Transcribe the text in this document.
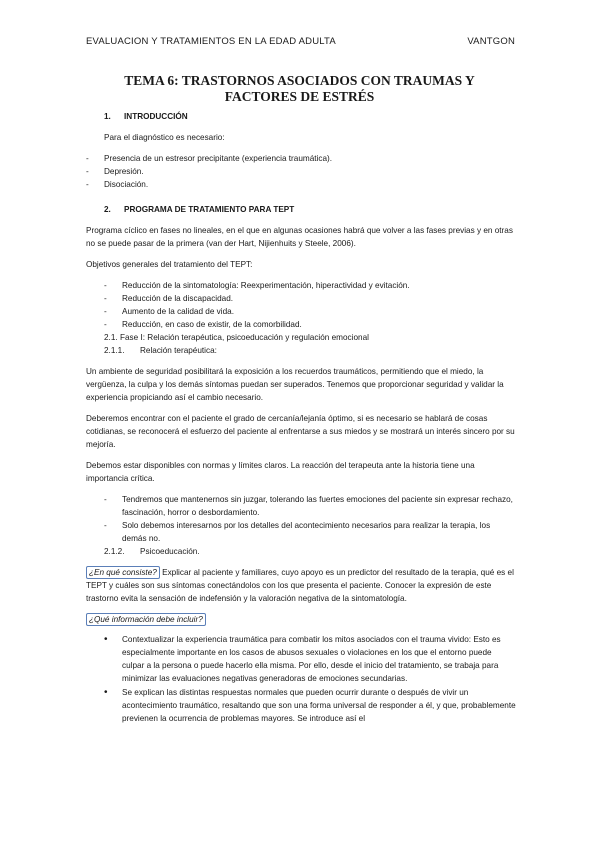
EVALUACION Y TRATAMIENTOS EN LA EDAD ADULTA	VANTGON
TEMA 6: TRASTORNOS ASOCIADOS CON TRAUMAS Y FACTORES DE ESTRÉS
1.	INTRODUCCIÓN

Para el diagnóstico es necesario:

-	Presencia de un estresor precipitante (experiencia traumática).
-	Depresión.
-	Disociación.
2.	PROGRAMA DE TRATAMIENTO PARA TEPT

Programa cíclico en fases no lineales, en el que en algunas ocasiones habrá que volver a las fases previas y en otras no se puede pasar de la primera (van der Hart, Nijienhuits y Steele, 2006).

Objetivos generales del tratamiento del TEPT:

-	Reducción de la sintomatología: Reexperimentación, hiperactividad y evitación.
-	Reducción de la discapacidad.
-	Aumento de la calidad de vida.
-	Reducción, en caso de existir, de la comorbilidad.
2.1. Fase I: Relación terapéutica, psicoeducación y regulación emocional
2.1.1.	Relación terapéutica:

Un ambiente de seguridad posibilitará la exposición a los recuerdos traumáticos, permitiendo que el miedo, la vergüenza, la culpa y los demás síntomas puedan ser superados. Tenemos que proporcionar seguridad y validar la experiencia propiciando así el cambio necesario.

Deberemos encontrar con el paciente el grado de cercanía/lejanía óptimo, si es necesario se hablará de cosas cotidianas, se reconocerá el esfuerzo del paciente al enfrentarse a sus miedos y se mostrará un interés sincero por su mejoría.

Debemos estar disponibles con normas y límites claros. La reacción del terapeuta ante la historia tiene una importancia crítica.

-	Tendremos que mantenernos sin juzgar, tolerando las fuertes emociones del paciente sin expresar rechazo, fascinación, horror o desbordamiento.
-	Solo debemos interesarnos por los detalles del acontecimiento necesarios para realizar la terapia, los demás no.
2.1.2.	Psicoeducación.

¿En qué consiste? Explicar al paciente y familiares, cuyo apoyo es un predictor del resultado de la terapia, qué es el TEPT y cuáles son sus síntomas conectándolos con los que presenta el paciente. Conocer la expresión de este trastorno evita la sensación de indefensión y la valoración negativa de la sintomatología.

¿Qué información debe incluir?

•	Contextualizar la experiencia traumática para combatir los mitos asociados con el trauma vivido: Esto es especialmente importante en los casos de abusos sexuales o violaciones en los que el entorno puede culpar a la persona o puede hacerlo ella misma. Por ello, desde el inicio del tratamiento, se trabaja para minimizar las evaluaciones negativas generadoras de emociones secundarias.
•	Se explican las distintas respuestas normales que pueden ocurrir durante o después de vivir un acontecimiento traumático, resaltando que son una forma universal de responder a él, y que, probablemente previenen la ocurrencia de problemas mayores. Se introduce así el
